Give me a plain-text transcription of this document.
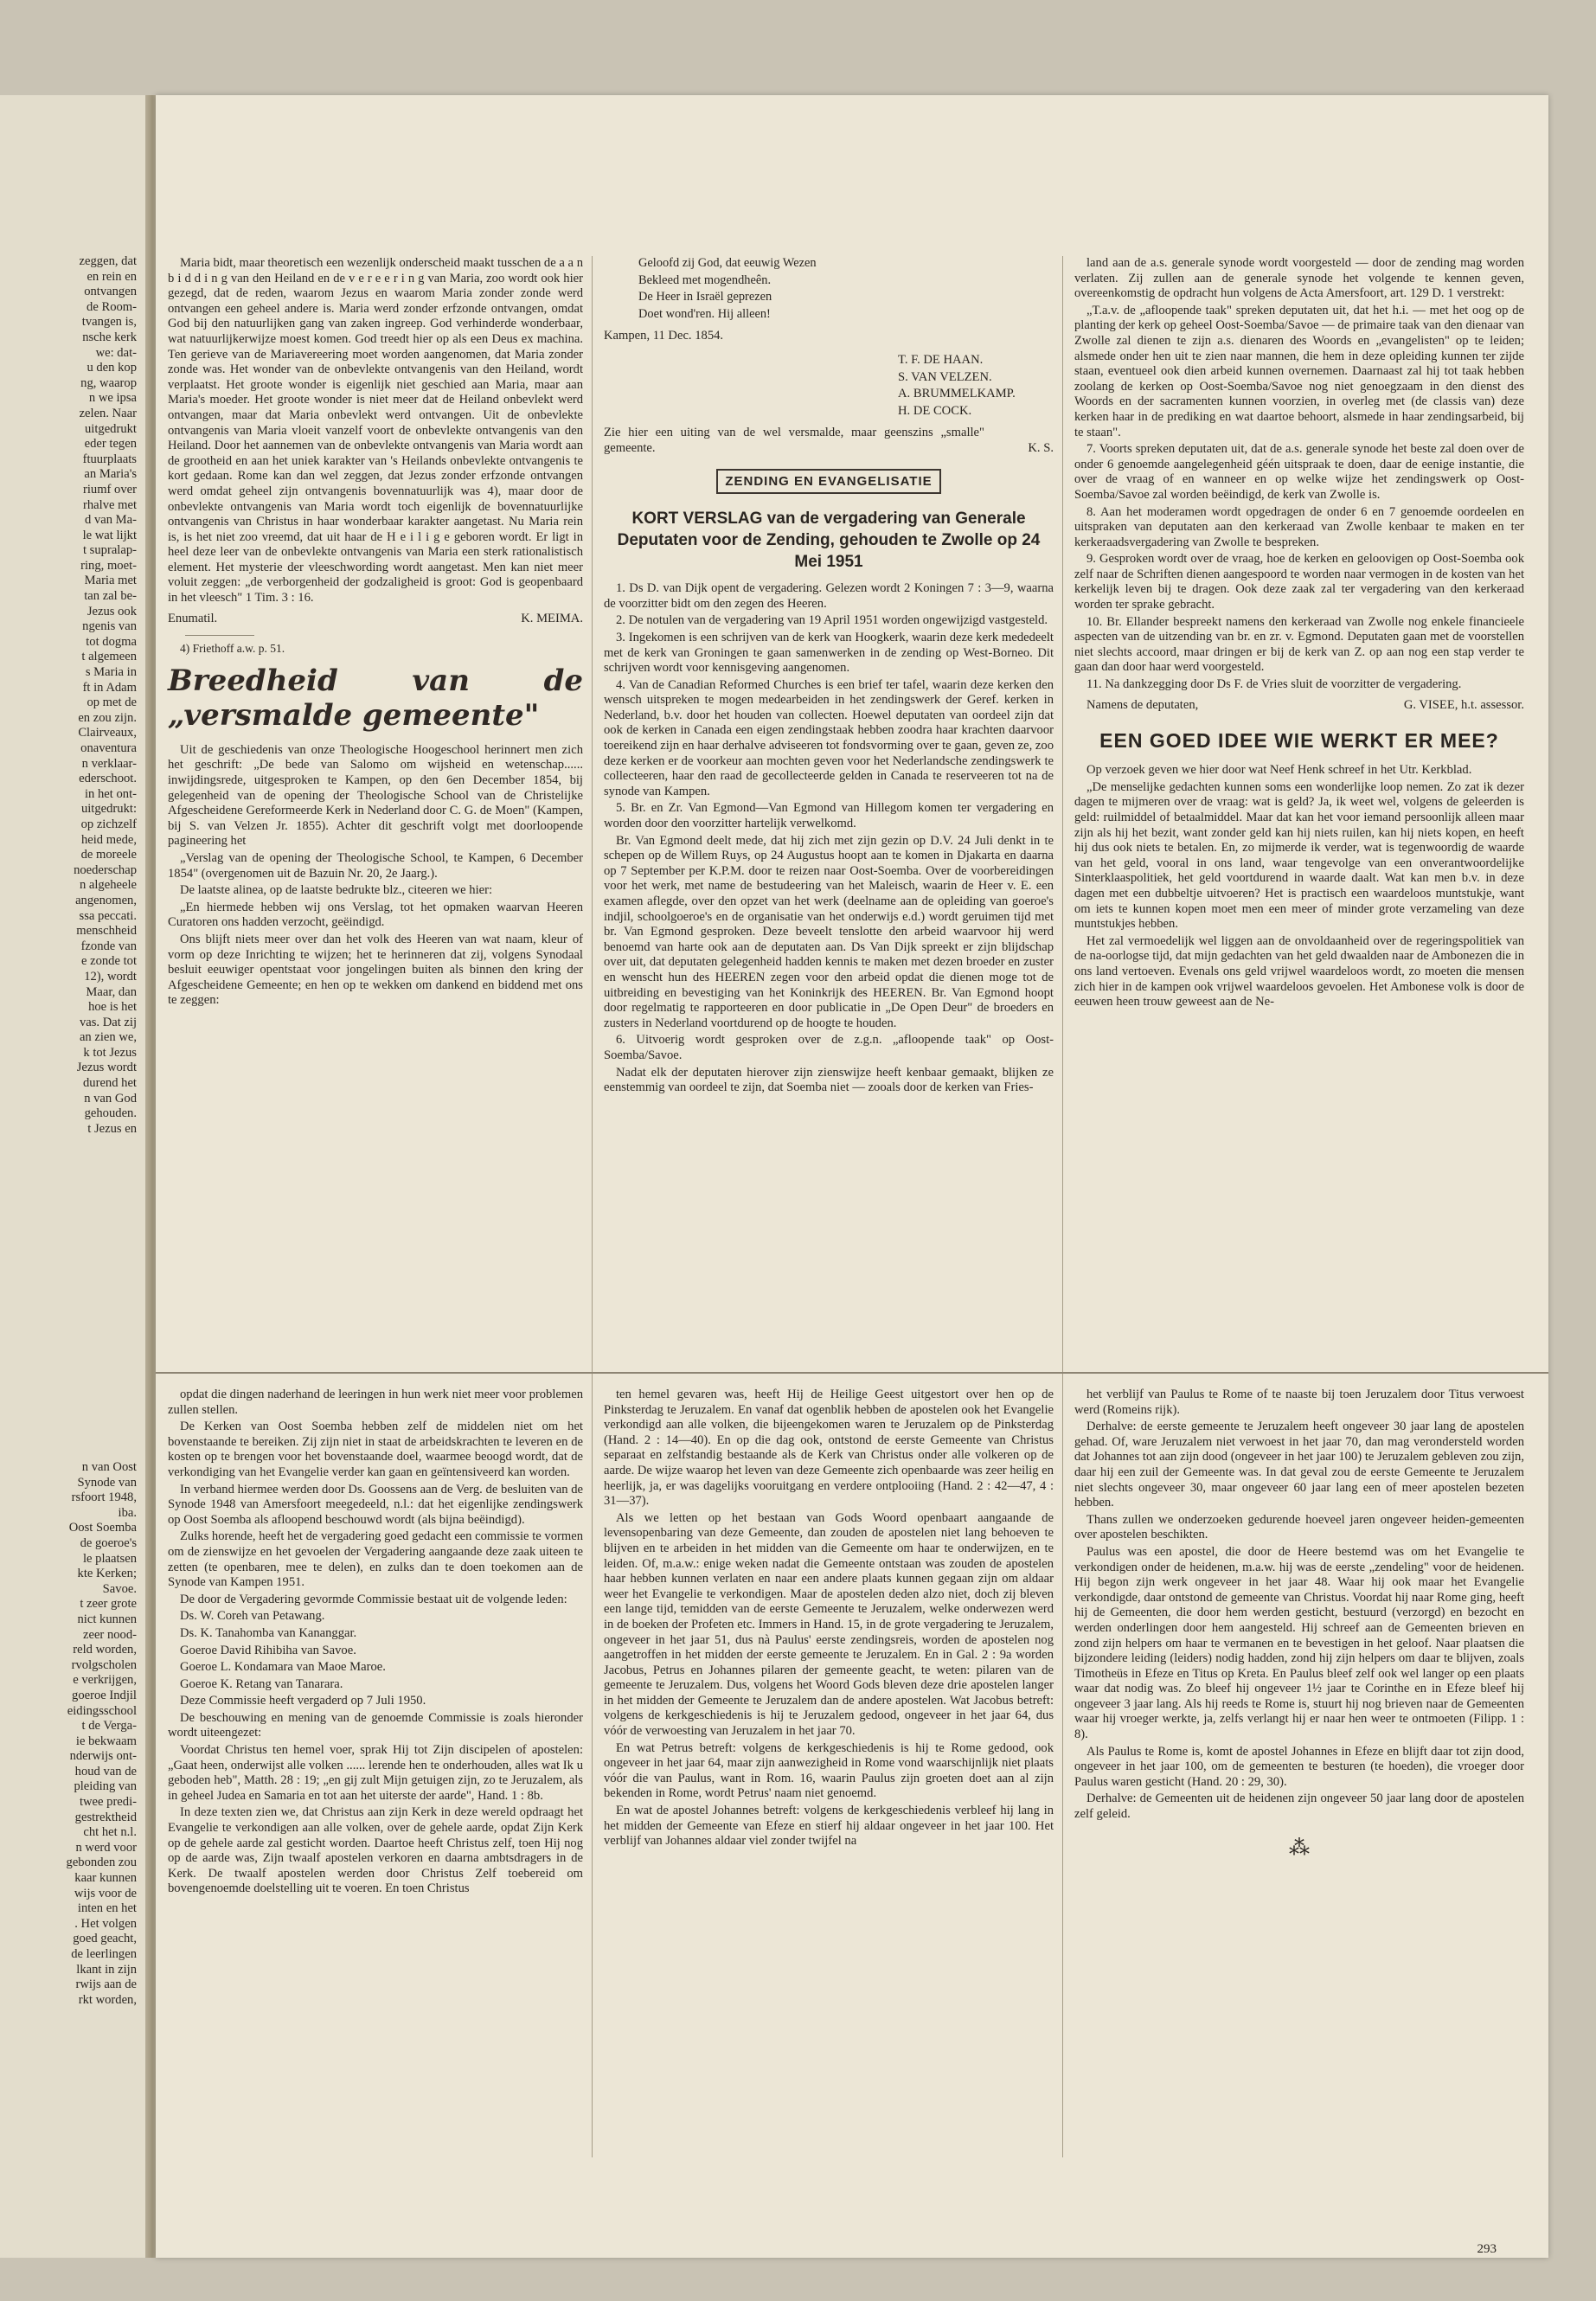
zeggen, dat

en rein en

ontvangen

de Room-

tvangen is,

nsche kerk

we: dat-

u den kop

ng, waarop

n we ipsa

zelen. Naar

uitgedrukt

eder tegen

ftuurplaats

an Maria's

riumf over

rhalve met

d van Ma-

le wat lijkt

t supralap-

ring, moet-

Maria met

tan zal be-

Jezus ook

ngenis van

tot dogma

t algemeen

s Maria in

ft in Adam

op met de

en zou zijn.

Clairveaux,

onaventura

n verklaar-

ederschoot.

in het ont-

uitgedrukt:

op zichzelf

heid mede,

de moreele

noederschap

n algeheele

angenomen,

ssa peccati.

menschheid

fzonde van

e zonde tot

12), wordt

Maar, dan

hoe is het

vas. Dat zij

an zien we,

k tot Jezus

Jezus wordt

durend het

n van God

gehouden.

t Jezus en

n van Oost

Synode van

rsfoort 1948,

iba.

Oost Soemba

de goeroe's

le plaatsen

kte Kerken;

Savoe.

t zeer grote

nict kunnen

zeer nood-

reld worden,

rvolgscholen

e verkrijgen,

goeroe Indjil

eidingsschool

t de Verga-

ie bekwaam

nderwijs ont-

houd van de

pleiding van

twee predi-

gestrektheid

cht het n.l.

n werd voor

gebonden zou

kaar kunnen

wijs voor de

inten en het

. Het volgen

goed geacht,

de leerlingen

lkant in zijn

rwijs aan de

rkt worden,

Maria bidt, maar theoretisch een wezenlijk onderscheid maakt tusschen de a a n b i d d i n g van den Heiland en de v e r e e r i n g van Maria, zoo wordt ook hier gezegd, dat de reden, waarom Jezus en waarom Maria zonder zonde werd ontvangen een geheel andere is. Maria werd zonder erfzonde ontvangen, omdat God bij den natuurlijken gang van zaken ingreep. God verhinderde wonderbaar, wat natuurlijkerwijze moest komen. God treedt hier op als een Deus ex machina. Ten gerieve van de Mariavereering moet worden aangenomen, dat Maria zonder zonde was. Het wonder van de onbevlekte ontvangenis van den Heiland, wordt verplaatst. Het groote wonder is eigenlijk niet geschied aan Maria, maar aan Maria's moeder. Het groote wonder is niet meer dat de Heiland onbevlekt werd ontvangen, maar dat Maria onbevlekt werd ontvangen. Uit de onbevlekte ontvangenis van Maria vloeit vanzelf voort de onbevlekte ontvangenis van den Heiland. Door het aannemen van de onbevlekte ontvangenis van Maria wordt aan de grootheid en aan het uniek karakter van 's Heilands onbevlekte ontvangenis te kort gedaan. Rome kan dan wel zeggen, dat Jezus zonder erfzonde ontvangen werd omdat geheel zijn ontvangenis bovennatuurlijk was 4), maar door de onbevlekte ontvangenis van Maria wordt toch eigenlijk de bovennatuurlijke ontvangenis van Christus in haar wonderbaar karakter aangetast. Nu Maria rein is, is het niet zoo vreemd, dat uit haar de H e i l i g e geboren wordt. Er ligt in heel deze leer van de onbevlekte ontvangenis van Maria een sterk rationalistisch element. Het mysterie der vleeschwording wordt aangetast. Men kan niet meer voluit zeggen: „de verborgenheid der godzaligheid is groot: God is geopenbaard in het vleesch" 1 Tim. 3 : 16.

Enumatil.	K. MEIMA.

4) Friethoff a.w. p. 51.

Breedheid van de „versmalde gemeente"

Uit de geschiedenis van onze Theologische Hoogeschool herinnert men zich het geschrift: „De bede van Salomo om wijsheid en wetenschap...... inwijdingsrede, uitgesproken te Kampen, op den 6en December 1854, bij gelegenheid van de opening der Theologische School van de Christelijke Afgescheidene Gereformeerde Kerk in Nederland door C. G. de Moen" (Kampen, bij S. van Velzen Jr. 1855). Achter dit geschrift volgt met doorloopende pagineering het

„Verslag van de opening der Theologische School, te Kampen, 6 December 1854" (overgenomen uit de Bazuin Nr. 20, 2e Jaarg.).

De laatste alinea, op de laatste bedrukte blz., citeeren we hier:

„En hiermede hebben wij ons Verslag, tot het opmaken waarvan Heeren Curatoren ons hadden verzocht, geëindigd.

Ons blijft niets meer over dan het volk des Heeren van wat naam, kleur of vorm op deze Inrichting te wijzen; het te herinneren dat zij, volgens Synodaal besluit eeuwiger opentstaat voor jongelingen buiten als binnen den kring der Afgescheidene Gemeente; en hen op te wekken om dankend en biddend met ons te zeggen:

Geloofd zij God, dat eeuwig Wezen

Bekleed met mogendheên.

De Heer in Israël geprezen

Doet wond'ren. Hij alleen!

Kampen, 11 Dec. 1854.

T. F. DE HAAN.

S. VAN VELZEN.

A. BRUMMELKAMP.

H. DE COCK.

Zie hier een uiting van de wel versmalde, maar geenszins „smalle" gemeente.	K. S.
ZENDING EN EVANGELISATIE
KORT VERSLAG van de vergadering van Generale Deputaten voor de Zending, gehouden te Zwolle op 24 Mei 1951

1. Ds D. van Dijk opent de vergadering. Gelezen wordt 2 Koningen 7 : 3—9, waarna de voorzitter bidt om den zegen des Heeren.

2. De notulen van de vergadering van 19 April 1951 worden ongewijzigd vastgesteld.

3. Ingekomen is een schrijven van de kerk van Hoogkerk, waarin deze kerk mededeelt met de kerk van Groningen te gaan samenwerken in de zending op West-Borneo. Dit schrijven wordt voor kennisgeving aangenomen.

4. Van de Canadian Reformed Churches is een brief ter tafel, waarin deze kerken den wensch uitspreken te mogen medearbeiden in het zendingswerk der Geref. kerken in Nederland, b.v. door het houden van collecten. Hoewel deputaten van oordeel zijn dat ook de kerken in Canada een eigen zendingstaak hebben zoodra haar krachten daarvoor toereikend zijn en haar derhalve adviseeren tot fondsvorming over te gaan, geven ze, zoo deze kerken er de voorkeur aan mochten geven voor het Nederlandsche zendingswerk te collecteeren, haar den raad de gecollecteerde gelden in Canada te reserveeren tot na de synode van Kampen.

5. Br. en Zr. Van Egmond—Van Egmond van Hillegom komen ter vergadering en worden door den voorzitter hartelijk verwelkomd.

Br. Van Egmond deelt mede, dat hij zich met zijn gezin op D.V. 24 Juli denkt in te schepen op de Willem Ruys, op 24 Augustus hoopt aan te komen in Djakarta en daarna op 7 September per K.P.M. door te reizen naar Oost-Soemba. Over de voorbereidingen voor het werk, met name de bestudeering van het Maleisch, waarin de Heer v. E. een examen aflegde, over den opzet van het werk (deelname aan de opleiding van goeroe's indjil, schoolgoeroe's en de organisatie van het onderwijs e.d.) wordt geruimen tijd met br. Van Egmond gesproken. Deze beveelt tenslotte den arbeid waarvoor hij werd benoemd van harte ook aan de deputaten aan. Ds Van Dijk spreekt er zijn blijdschap over uit, dat deputaten gelegenheid hadden kennis te maken met dezen broeder en zuster en wenscht hun des HEEREN zegen voor den arbeid opdat die dienen moge tot de uitbreiding en bevestiging van het Koninkrijk des HEEREN. Br. Van Egmond hoopt door regelmatig te rapporteeren en door publicatie in „De Open Deur" de broeders en zusters in Nederland voortdurend op de hoogte te houden.

6. Uitvoerig wordt gesproken over de z.g.n. „afloopende taak" op Oost-Soemba/Savoe.

Nadat elk der deputaten hierover zijn zienswijze heeft kenbaar gemaakt, blijken ze eenstemmig van oordeel te zijn, dat Soemba niet — zooals door de kerken van Fries-

land aan de a.s. generale synode wordt voorgesteld — door de zending mag worden verlaten. Zij zullen aan de generale synode het volgende te kennen geven, overeenkomstig de opdracht hun volgens de Acta Amersfoort, art. 129 D. 1 verstrekt:

„T.a.v. de „afloopende taak" spreken deputaten uit, dat het h.i. — met het oog op de planting der kerk op geheel Oost-Soemba/Savoe — de primaire taak van den dienaar van Zwolle zal dienen te zijn a.s. dienaren des Woords en „evangelisten" op te leiden; alsmede onder hen uit te zien naar mannen, die hem in deze opleiding kunnen ter zijde staan, eventueel ook dien arbeid kunnen overnemen. Daarnaast zal hij tot taak hebben zoolang de kerken op Oost-Soemba/Savoe nog niet genoegzaam in den dienst des Woords en der sacramenten kunnen voorzien, in overleg met (de classis van) deze kerken haar in de prediking en wat daartoe behoort, alsmede in haar zendingsarbeid, bij te staan".

7. Voorts spreken deputaten uit, dat de a.s. generale synode het beste zal doen over de onder 6 genoemde aangelegenheid géén uitspraak te doen, daar de eenige instantie, die over de vraag of en wanneer en op welke wijze het zendingswerk op Oost-Soemba/Savoe zal worden beëindigd, de kerk van Zwolle is.

8. Aan het moderamen wordt opgedragen de onder 6 en 7 genoemde oordeelen en uitspraken van deputaten aan den kerkeraad van Zwolle kenbaar te maken en ter kerkeraadsvergadering van Zwolle te bespreken.

9. Gesproken wordt over de vraag, hoe de kerken en geloovigen op Oost-Soemba ook zelf naar de Schriften dienen aangespoord te worden naar vermogen in de kosten van het kerkelijk leven bij te dragen. Ook deze zaak zal ter vergadering van den kerkeraad worden ter sprake gebracht.

10. Br. Ellander bespreekt namens den kerkeraad van Zwolle nog enkele financieele aspecten van de uitzending van br. en zr. v. Egmond. Deputaten gaan met de voorstellen niet slechts accoord, maar dringen er bij de kerk van Z. op aan nog een stap verder te gaan dan door haar werd voorgesteld.

11. Na dankzegging door Ds F. de Vries sluit de voorzitter de vergadering.

Namens de deputaten,	G. VISEE, h.t. assessor.
EEN GOED IDEE WIE WERKT ER MEE?

Op verzoek geven we hier door wat Neef Henk schreef in het Utr. Kerkblad.

„De menselijke gedachten kunnen soms een wonderlijke loop nemen. Zo zat ik dezer dagen te mijmeren over de vraag: wat is geld? Ja, ik weet wel, volgens de geleerden is geld: ruilmiddel of betaalmiddel. Maar dat kan het voor iemand persoonlijk alleen maar zijn als hij het bezit, want zonder geld kan hij niets ruilen, kan hij niets kopen, en heeft hij dus ook niets te betalen. En, zo mijmerde ik verder, wat is tegenwoordig de waarde van het geld, vooral in ons land, waar tengevolge van een onverantwoordelijke Sinterklaaspolitiek, het geld voortdurend in waarde daalt. Wat kan men b.v. in deze dagen met een dubbeltje uitvoeren? Het is practisch een waardeloos muntstukje, want om iets te kunnen kopen moet men een meer of minder grote verzameling van deze muntstukjes hebben.

Het zal vermoedelijk wel liggen aan de onvoldaanheid over de regeringspolitiek van de na-oorlogse tijd, dat mijn gedachten van het geld dwaalden naar de Ambonezen die in ons land vertoeven. Evenals ons geld vrijwel waardeloos wordt, zo moeten die mensen zich hier in de kampen ook vrijwel waardeloos gevoelen. Het Ambonese volk is door de eeuwen heen trouw geweest aan de Ne-

opdat die dingen naderhand de leeringen in hun werk niet meer voor problemen zullen stellen.

De Kerken van Oost Soemba hebben zelf de middelen niet om het bovenstaande te bereiken. Zij zijn niet in staat de arbeidskrachten te leveren en de kosten op te brengen voor het bovenstaande doel, waarmee beoogd wordt, dat de verkondiging van het Evangelie verder kan gaan en geïntensiveerd kan worden.

In verband hiermee werden door Ds. Goossens aan de Verg. de besluiten van de Synode 1948 van Amersfoort meegedeeld, n.l.: dat het eigenlijke zendingswerk op Oost Soemba als afloopend beschouwd wordt (als bijna beëindigd).

Zulks horende, heeft het de vergadering goed gedacht een commissie te vormen om de zienswijze en het gevoelen der Vergadering aangaande deze zaak uiteen te zetten (te openbaren, mee te delen), en zulks dan te doen toekomen aan de Synode van Kampen 1951.

De door de Vergadering gevormde Commissie bestaat uit de volgende leden:

Ds. W. Coreh van Petawang.

Ds. K. Tanahomba van Kananggar.

Goeroe David Rihibiha van Savoe.

Goeroe L. Kondamara van Maoe Maroe.

Goeroe K. Retang van Tanarara.

Deze Commissie heeft vergaderd op 7 Juli 1950.

De beschouwing en mening van de genoemde Commissie is zoals hieronder wordt uiteengezet:

Voordat Christus ten hemel voer, sprak Hij tot Zijn discipelen of apostelen: „Gaat heen, onderwijst alle volken ...... lerende hen te onderhouden, alles wat Ik u geboden heb", Matth. 28 : 19; „en gij zult Mijn getuigen zijn, zo te Jeruzalem, als in geheel Judea en Samaria en tot aan het uiterste der aarde", Hand. 1 : 8b.

In deze texten zien we, dat Christus aan zijn Kerk in deze wereld opdraagt het Evangelie te verkondigen aan alle volken, over de gehele aarde, opdat Zijn Kerk op de gehele aarde zal gesticht worden. Daartoe heeft Christus zelf, toen Hij nog op de aarde was, Zijn twaalf apostelen verkoren en daarna ambtsdragers in de Kerk. De twaalf apostelen werden door Christus Zelf toebereid om bovengenoemde doelstelling uit te voeren. En toen Christus

ten hemel gevaren was, heeft Hij de Heilige Geest uitgestort over hen op de Pinksterdag te Jeruzalem. En vanaf dat ogenblik hebben de apostelen ook het Evangelie verkondigd aan alle volken, die bijeengekomen waren te Jeruzalem op de Pinksterdag (Hand. 2 : 14—40). En op die dag ook, ontstond de eerste Gemeente van Christus separaat en zelfstandig bestaande als de Kerk van Christus onder alle volkeren op de aarde. De wijze waarop het leven van deze Gemeente zich openbaarde was zeer heilig en heerlijk, ja, er was dagelijks vooruitgang en verdere ontplooiing (Hand. 2 : 42—47, 4 : 31—37).

Als we letten op het bestaan van Gods Woord openbaart aangaande de levensopenbaring van deze Gemeente, dan zouden de apostelen niet lang behoeven te blijven en te arbeiden in het midden van die Gemeente om haar te onderwijzen, en te leiden. Of, m.a.w.: enige weken nadat die Gemeente ontstaan was zouden de apostelen haar hebben kunnen verlaten en naar een andere plaats kunnen gegaan zijn om aldaar weer het Evangelie te verkondigen. Maar de apostelen deden alzo niet, doch zij bleven een lange tijd, temidden van de eerste Gemeente te Jeruzalem, welke onderwezen werd in de boeken der Profeten etc. Immers in Hand. 15, in de grote vergadering te Jeruzalem, ongeveer in het jaar 51, dus nà Paulus' eerste zendingsreis, worden de apostelen nog aangetroffen in het midden der eerste gemeente te Jeruzalem. En in Gal. 2 : 9a worden Jacobus, Petrus en Johannes pilaren der gemeente geacht, te weten: pilaren van de gemeente te Jeruzalem. Dus, volgens het Woord Gods bleven deze drie apostelen langer in het midden der Gemeente te Jeruzalem dan de andere apostelen. Wat Jacobus betreft: volgens de kerkgeschiedenis is hij te Jeruzalem gedood, ongeveer in het jaar 64, dus vóór de verwoesting van Jeruzalem in het jaar 70.

En wat Petrus betreft: volgens de kerkgeschiedenis is hij te Rome gedood, ook ongeveer in het jaar 64, maar zijn aanwezigheid in Rome vond waarschijnlijk niet plaats vóór die van Paulus, want in Rom. 16, waarin Paulus zijn groeten doet aan al zijn bekenden in Rome, wordt Petrus' naam niet genoemd.

En wat de apostel Johannes betreft: volgens de kerkgeschiedenis verbleef hij lang in het midden der Gemeente van Efeze en stierf hij aldaar ongeveer in het jaar 100. Het verblijf van Johannes aldaar viel zonder twijfel na

het verblijf van Paulus te Rome of te naaste bij toen Jeruzalem door Titus verwoest werd (Romeins rijk).

Derhalve: de eerste gemeente te Jeruzalem heeft ongeveer 30 jaar lang de apostelen gehad. Of, ware Jeruzalem niet verwoest in het jaar 70, dan mag verondersteld worden dat Johannes tot aan zijn dood (ongeveer in het jaar 100) te Jeruzalem gebleven zou zijn, daar hij een zuil der Gemeente was. In dat geval zou de eerste Gemeente te Jeruzalem niet slechts ongeveer 30, maar ongeveer 60 jaar lang een of meer apostelen bezeten hebben.

Thans zullen we onderzoeken gedurende hoeveel jaren ongeveer heiden-gemeenten over apostelen beschikten.

Paulus was een apostel, die door de Heere bestemd was om het Evangelie te verkondigen onder de heidenen, m.a.w. hij was de eerste „zendeling" voor de heidenen. Hij begon zijn werk ongeveer in het jaar 48. Waar hij ook maar het Evangelie verkondigde, daar ontstond de gemeente van Christus. Voordat hij naar Rome ging, heeft hij de Gemeenten, die door hem werden gesticht, bestuurd (verzorgd) en bezocht en werden onderlingen door hem aangesteld. Hij schreef aan de Gemeenten brieven en zond zijn helpers om haar te vermanen en te bevestigen in het geloof. Naar plaatsen die bijzondere leiding (leiders) nodig hadden, zond hij zijn helpers om daar te blijven, zoals Timotheüs in Efeze en Titus op Kreta. En Paulus bleef zelf ook wel langer op een plaats waar dat nodig was. Zo bleef hij ongeveer 1½ jaar te Corinthe en in Efeze bleef hij ongeveer 3 jaar lang. Als hij reeds te Rome is, stuurt hij nog brieven naar de Gemeenten waar hij vroeger werkte, ja, zelfs verlangt hij er naar hen weer te ontmoeten (Filipp. 1 : 8).

Als Paulus te Rome is, komt de apostel Johannes in Efeze en blijft daar tot zijn dood, ongeveer in het jaar 100, om de gemeenten te besturen (te hoeden), die vroeger door Paulus waren gesticht (Hand. 20 : 29, 30).

Derhalve: de Gemeenten uit de heidenen zijn ongeveer 50 jaar lang door de apostelen zelf geleid.

⁂
293
